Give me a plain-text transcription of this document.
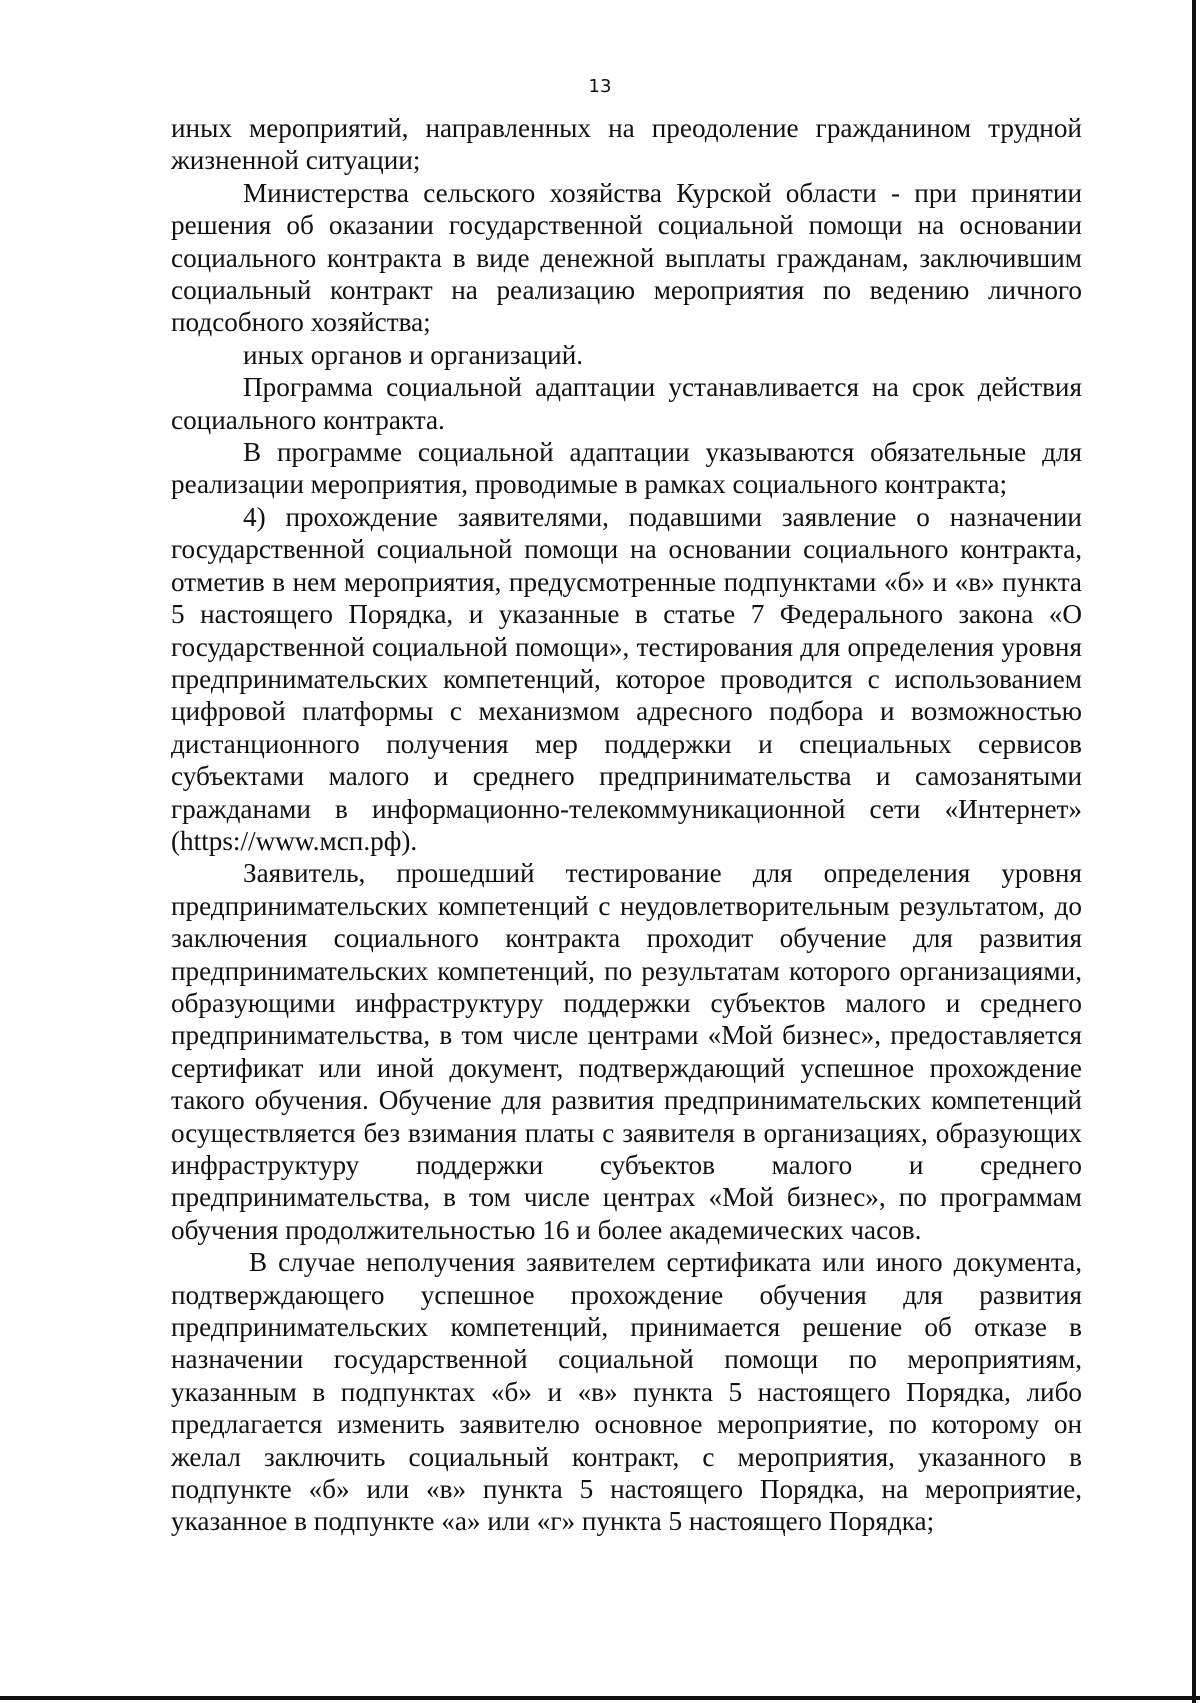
13

иных мероприятий, направленных на преодоление гражданином трудной жизненной ситуации;

Министерства сельского хозяйства Курской области - при принятии решения об оказании государственной социальной помощи на основании социального контракта в виде денежной выплаты гражданам, заключившим социальный контракт на реализацию мероприятия по ведению личного подсобного хозяйства;

иных органов и организаций.

Программа социальной адаптации устанавливается на срок действия социального контракта.

В программе социальной адаптации указываются обязательные для реализации мероприятия, проводимые в рамках социального контракта;

4) прохождение заявителями, подавшими заявление о назначении государственной социальной помощи на основании социального контракта, отметив в нем мероприятия, предусмотренные подпунктами «б» и «в» пункта 5 настоящего Порядка, и указанные в статье 7 Федерального закона «О государственной социальной помощи», тестирования для определения уровня предпринимательских компетенций, которое проводится с использованием цифровой платформы с механизмом адресного подбора и возможностью дистанционного получения мер поддержки и специальных сервисов субъектами малого и среднего предпринимательства и самозанятыми гражданами в информационно-телекоммуникационной сети «Интернет» (https://www.мсп.рф).

Заявитель, прошедший тестирование для определения уровня предпринимательских компетенций с неудовлетворительным результатом, до заключения социального контракта проходит обучение для развития предпринимательских компетенций, по результатам которого организациями, образующими инфраструктуру поддержки субъектов малого и среднего предпринимательства, в том числе центрами «Мой бизнес», предоставляется сертификат или иной документ, подтверждающий успешное прохождение такого обучения. Обучение для развития предпринимательских компетенций осуществляется без взимания платы с заявителя в организациях, образующих инфраструктуру поддержки субъектов малого и среднего предпринимательства, в том числе центрах «Мой бизнес», по программам обучения продолжительностью 16 и более академических часов.

В случае неполучения заявителем сертификата или иного документа, подтверждающего успешное прохождение обучения для развития предпринимательских компетенций, принимается решение об отказе в назначении государственной социальной помощи по мероприятиям, указанным в подпунктах «б» и «в» пункта 5 настоящего Порядка, либо предлагается изменить заявителю основное мероприятие, по которому он желал заключить социальный контракт, с мероприятия, указанного в подпункте «б» или «в» пункта 5 настоящего Порядка, на мероприятие, указанное в подпункте «а» или «г» пункта 5 настоящего Порядка;
